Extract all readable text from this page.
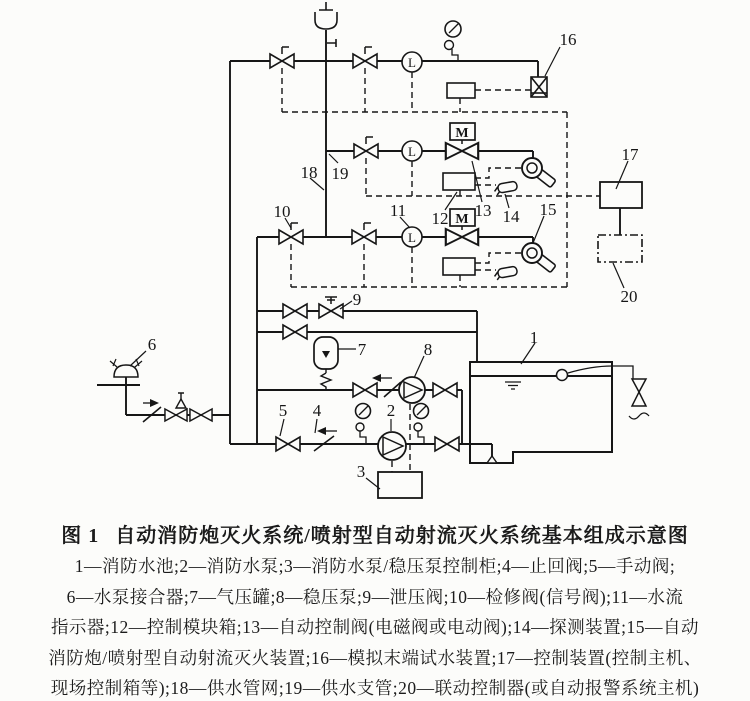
L
L
L
M
M
1
2
3
4
5
6	7	8
9
10	11 12 13 14 15
16
17
18 19
20
图 1 自动消防炮灭火系统/喷射型自动射流灭火系统基本组成示意图
1—消防水池;2—消防水泵;3—消防水泵/稳压泵控制柜;4—止回阀;5—手动阀;
6—水泵接合器;7—气压罐;8—稳压泵;9—泄压阀;10—检修阀(信号阀);11—水流
指示器;12—控制模块箱;13—自动控制阀(电磁阀或电动阀);14—探测装置;15—自动
消防炮/喷射型自动射流灭火装置;16—模拟末端试水装置;17—控制装置(控制主机、
现场控制箱等);18—供水管网;19—供水支管;20—联动控制器(或自动报警系统主机)
